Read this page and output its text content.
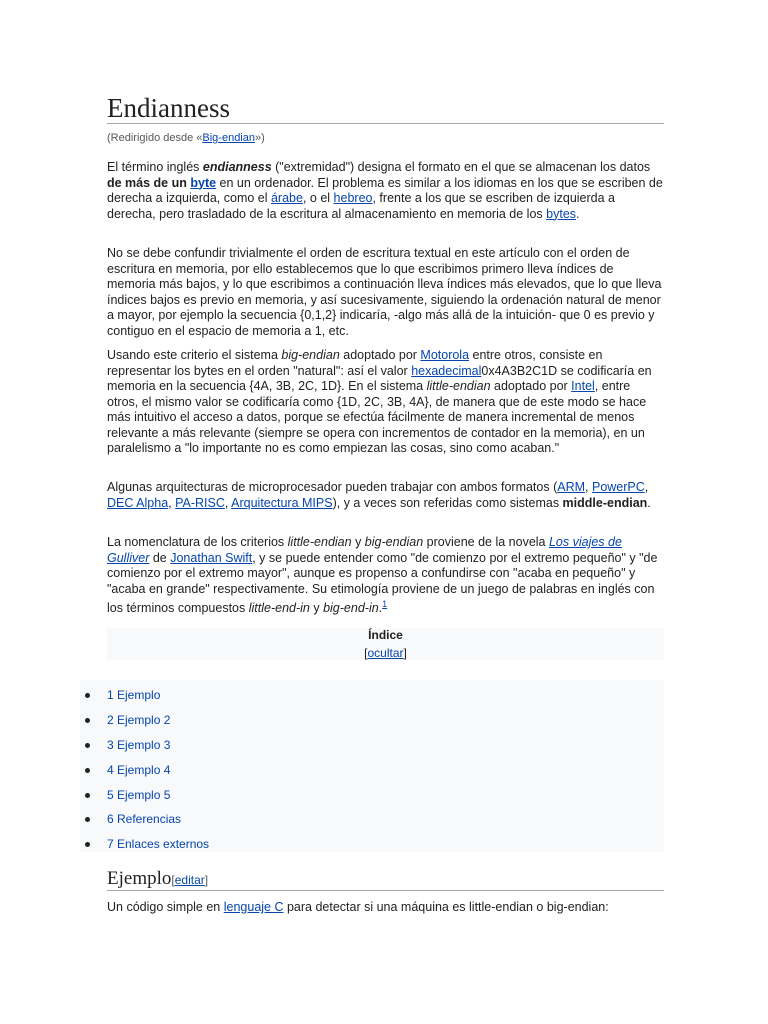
Endianness
(Redirigido desde «Big-endian»)

El término inglés endianness ("extremidad") designa el formato en el que se almacenan los datos de más de un byte en un ordenador. El problema es similar a los idiomas en los que se escriben de derecha a izquierda, como el árabe, o el hebreo, frente a los que se escriben de izquierda a derecha, pero trasladado de la escritura al almacenamiento en memoria de los bytes.

No se debe confundir trivialmente el orden de escritura textual en este artículo con el orden de escritura en memoria, por ello establecemos que lo que escribimos primero lleva índices de memoria más bajos, y lo que escribimos a continuación lleva índices más elevados, que lo que lleva índices bajos es previo en memoria, y así sucesivamente, siguiendo la ordenación natural de menor a mayor, por ejemplo la secuencia {0,1,2} indicaría, -algo más allá de la intuición- que 0 es previo y contiguo en el espacio de memoria a 1, etc.

Usando este criterio el sistema big-endian adoptado por Motorola entre otros, consiste en representar los bytes en el orden "natural": así el valor hexadecimal0x4A3B2C1D se codificaría en memoria en la secuencia {4A, 3B, 2C, 1D}. En el sistema little-endian adoptado por Intel, entre otros, el mismo valor se codificaría como {1D, 2C, 3B, 4A}, de manera que de este modo se hace más intuitivo el acceso a datos, porque se efectúa fácilmente de manera incremental de menos relevante a más relevante (siempre se opera con incrementos de contador en la memoria), en un paralelismo a "lo importante no es como empiezan las cosas, sino como acaban."

Algunas arquitecturas de microprocesador pueden trabajar con ambos formatos (ARM, PowerPC, DEC Alpha, PA-RISC, Arquitectura MIPS), y a veces son referidas como sistemas middle-endian.

La nomenclatura de los criterios little-endian y big-endian proviene de la novela Los viajes de Gulliver de Jonathan Swift, y se puede entender como "de comienzo por el extremo pequeño" y "de comienzo por el extremo mayor", aunque es propenso a confundirse con "acaba en pequeño" y "acaba en grande" respectivamente. Su etimología proviene de un juego de palabras en inglés con los términos compuestos little-end-in y big-end-in.$^1$

Ejemplo[editar]

Un código simple en lenguaje C para detectar si una máquina es little-endian o big-endian:

Índice
[ocultar]
1 Ejemplo
2 Ejemplo 2
3 Ejemplo 3
4 Ejemplo 4
5 Ejemplo 5
6 Referencias
7 Enlaces externos
